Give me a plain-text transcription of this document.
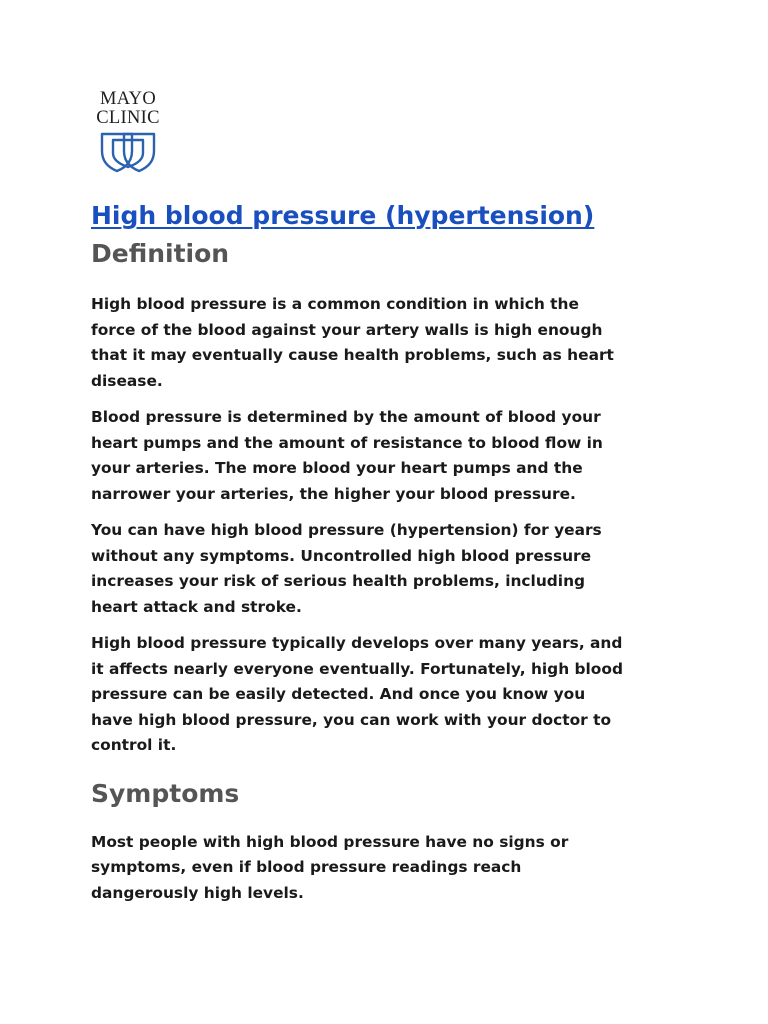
MAYO
CLINIC
High blood pressure (hypertension)
Definition

High blood pressure is a common condition in which the
force of the blood against your artery walls is high enough
that it may eventually cause health problems, such as heart
disease.

Blood pressure is determined by the amount of blood your
heart pumps and the amount of resistance to blood flow in
your arteries. The more blood your heart pumps and the
narrower your arteries, the higher your blood pressure.

You can have high blood pressure (hypertension) for years
without any symptoms. Uncontrolled high blood pressure
increases your risk of serious health problems, including
heart attack and stroke.

High blood pressure typically develops over many years, and
it affects nearly everyone eventually. Fortunately, high blood
pressure can be easily detected. And once you know you
have high blood pressure, you can work with your doctor to
control it.

Symptoms

Most people with high blood pressure have no signs or
symptoms, even if blood pressure readings reach
dangerously high levels.
